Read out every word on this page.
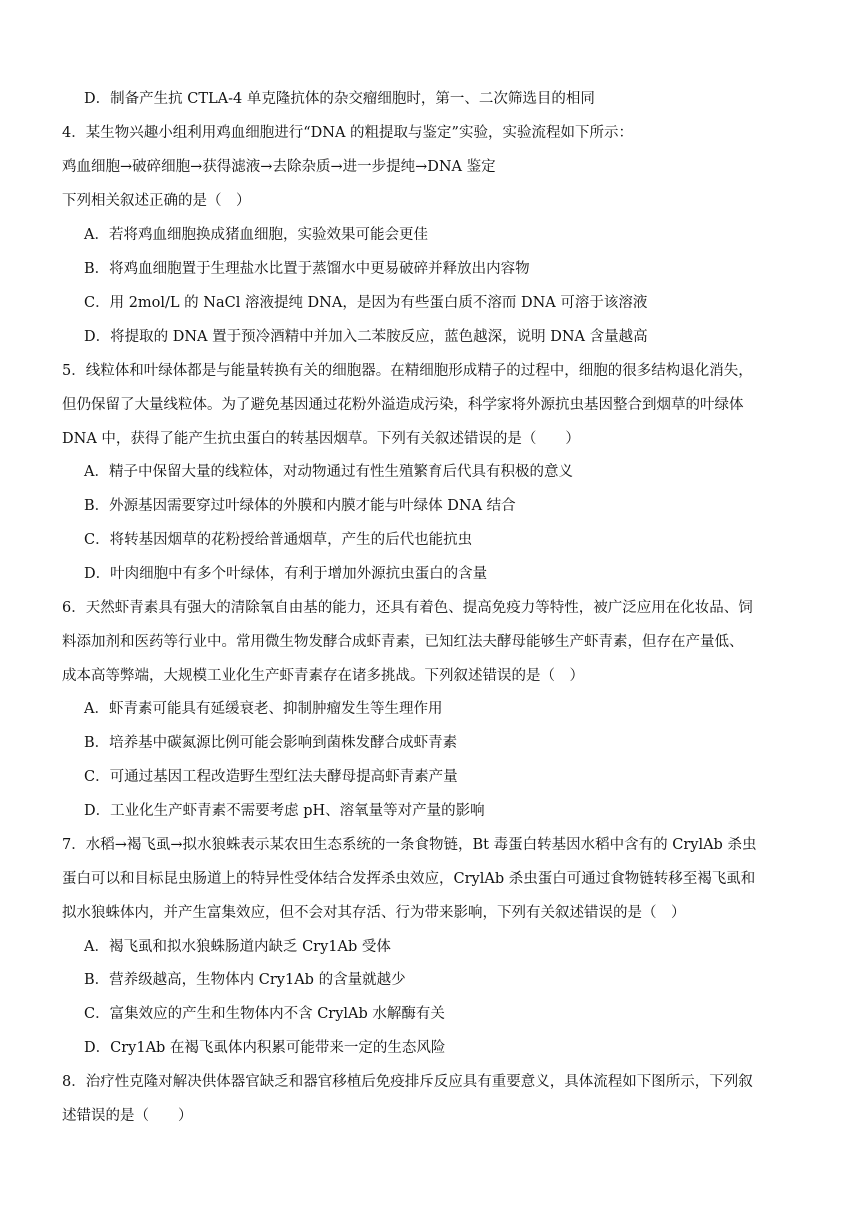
D．制备产生抗 CTLA-4 单克隆抗体的杂交瘤细胞时，第一、二次筛选目的相同
4．某生物兴趣小组利用鸡血细胞进行“DNA 的粗提取与鉴定”实验，实验流程如下所示：
鸡血细胞→破碎细胞→获得滤液→去除杂质→进一步提纯→DNA 鉴定
下列相关叙述正确的是（　）
A．若将鸡血细胞换成猪血细胞，实验效果可能会更佳
B．将鸡血细胞置于生理盐水比置于蒸馏水中更易破碎并释放出内容物
C．用 2mol/L 的 NaCl 溶液提纯 DNA，是因为有些蛋白质不溶而 DNA 可溶于该溶液
D．将提取的 DNA 置于预冷酒精中并加入二苯胺反应，蓝色越深，说明 DNA 含量越高
5．线粒体和叶绿体都是与能量转换有关的细胞器。在精细胞形成精子的过程中，细胞的很多结构退化消失，
但仍保留了大量线粒体。为了避免基因通过花粉外溢造成污染，科学家将外源抗虫基因整合到烟草的叶绿体
DNA 中，获得了能产生抗虫蛋白的转基因烟草。下列有关叙述错误的是（　　）
A．精子中保留大量的线粒体，对动物通过有性生殖繁育后代具有积极的意义
B．外源基因需要穿过叶绿体的外膜和内膜才能与叶绿体 DNA 结合
C．将转基因烟草的花粉授给普通烟草，产生的后代也能抗虫
D．叶肉细胞中有多个叶绿体，有利于增加外源抗虫蛋白的含量
6．天然虾青素具有强大的清除氧自由基的能力，还具有着色、提高免疫力等特性，被广泛应用在化妆品、饲
料添加剂和医药等行业中。常用微生物发酵合成虾青素，已知红法夫酵母能够生产虾青素，但存在产量低、
成本高等弊端，大规模工业化生产虾青素存在诸多挑战。下列叙述错误的是（　）
A．虾青素可能具有延缓衰老、抑制肿瘤发生等生理作用
B．培养基中碳氮源比例可能会影响到菌株发酵合成虾青素
C．可通过基因工程改造野生型红法夫酵母提高虾青素产量
D．工业化生产虾青素不需要考虑 pH、溶氧量等对产量的影响
7．水稻→褐飞虱→拟水狼蛛表示某农田生态系统的一条食物链，Bt 毒蛋白转基因水稻中含有的 CrylAb 杀虫
蛋白可以和目标昆虫肠道上的特异性受体结合发挥杀虫效应，CrylAb 杀虫蛋白可通过食物链转移至褐飞虱和
拟水狼蛛体内，并产生富集效应，但不会对其存活、行为带来影响，下列有关叙述错误的是（　）
A．褐飞虱和拟水狼蛛肠道内缺乏 Cry1Ab 受体
B．营养级越高，生物体内 Cry1Ab 的含量就越少
C．富集效应的产生和生物体内不含 CrylAb 水解酶有关
D．Cry1Ab 在褐飞虱体内积累可能带来一定的生态风险
8．治疗性克隆对解决供体器官缺乏和器官移植后免疫排斥反应具有重要意义，具体流程如下图所示，下列叙
述错误的是（　　）
